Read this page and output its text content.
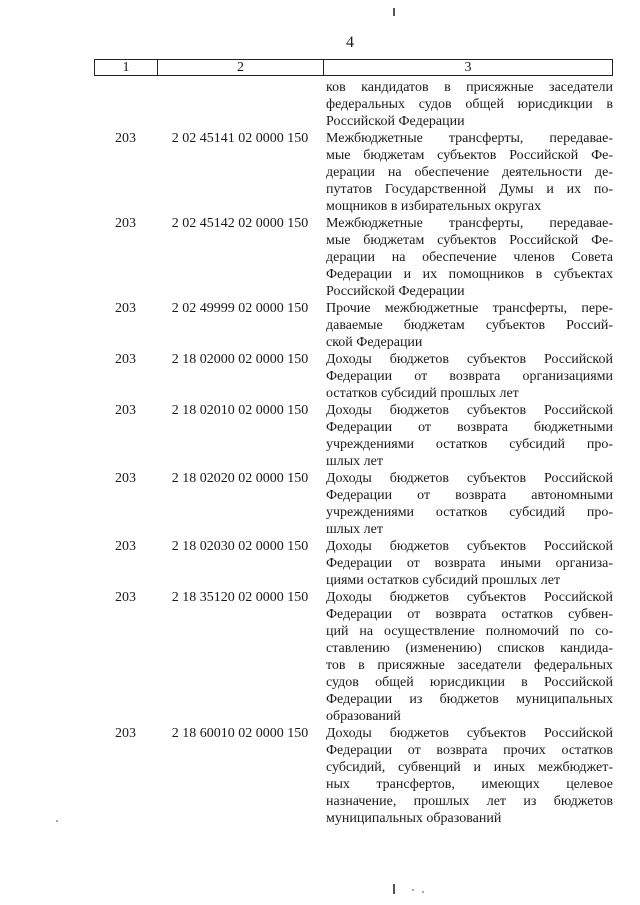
4
1	2	3
ков кандидатов в присяжные заседатели
федеральных судов общей юрисдикции в
Российской Федерации
203	2 02 45141 02 0000 150	Межбюджетные трансферты, передавае-
мые бюджетам субъектов Российской Фе-
дерации на обеспечение деятельности де-
путатов Государственной Думы и их по-
мощников в избирательных округах
203	2 02 45142 02 0000 150	Межбюджетные трансферты, передавае-
мые бюджетам субъектов Российской Фе-
дерации на обеспечение членов Совета
Федерации и их помощников в субъектах
Российской Федерации
203	2 02 49999 02 0000 150	Прочие межбюджетные трансферты, пере-
даваемые бюджетам субъектов Россий-
ской Федерации
203	2 18 02000 02 0000 150	Доходы бюджетов субъектов Российской
Федерации от возврата организациями
остатков субсидий прошлых лет
203	2 18 02010 02 0000 150	Доходы бюджетов субъектов Российской
Федерации от возврата бюджетными
учреждениями остатков субсидий про-
шлых лет
203	2 18 02020 02 0000 150	Доходы бюджетов субъектов Российской
Федерации от возврата автономными
учреждениями остатков субсидий про-
шлых лет
203	2 18 02030 02 0000 150	Доходы бюджетов субъектов Российской
Федерации от возврата иными организа-
циями остатков субсидий прошлых лет
203	2 18 35120 02 0000 150	Доходы бюджетов субъектов Российской
Федерации от возврата остатков субвен-
ций на осуществление полномочий по со-
ставлению (изменению) списков кандида-
тов в присяжные заседатели федеральных
судов общей юрисдикции в Российской
Федерации из бюджетов муниципальных
образований
203	2 18 60010 02 0000 150	Доходы бюджетов субъектов Российской
Федерации от возврата прочих остатков
субсидий, субвенций и иных межбюджет-
ных трансфертов, имеющих целевое
назначение, прошлых лет из бюджетов
муниципальных образований
